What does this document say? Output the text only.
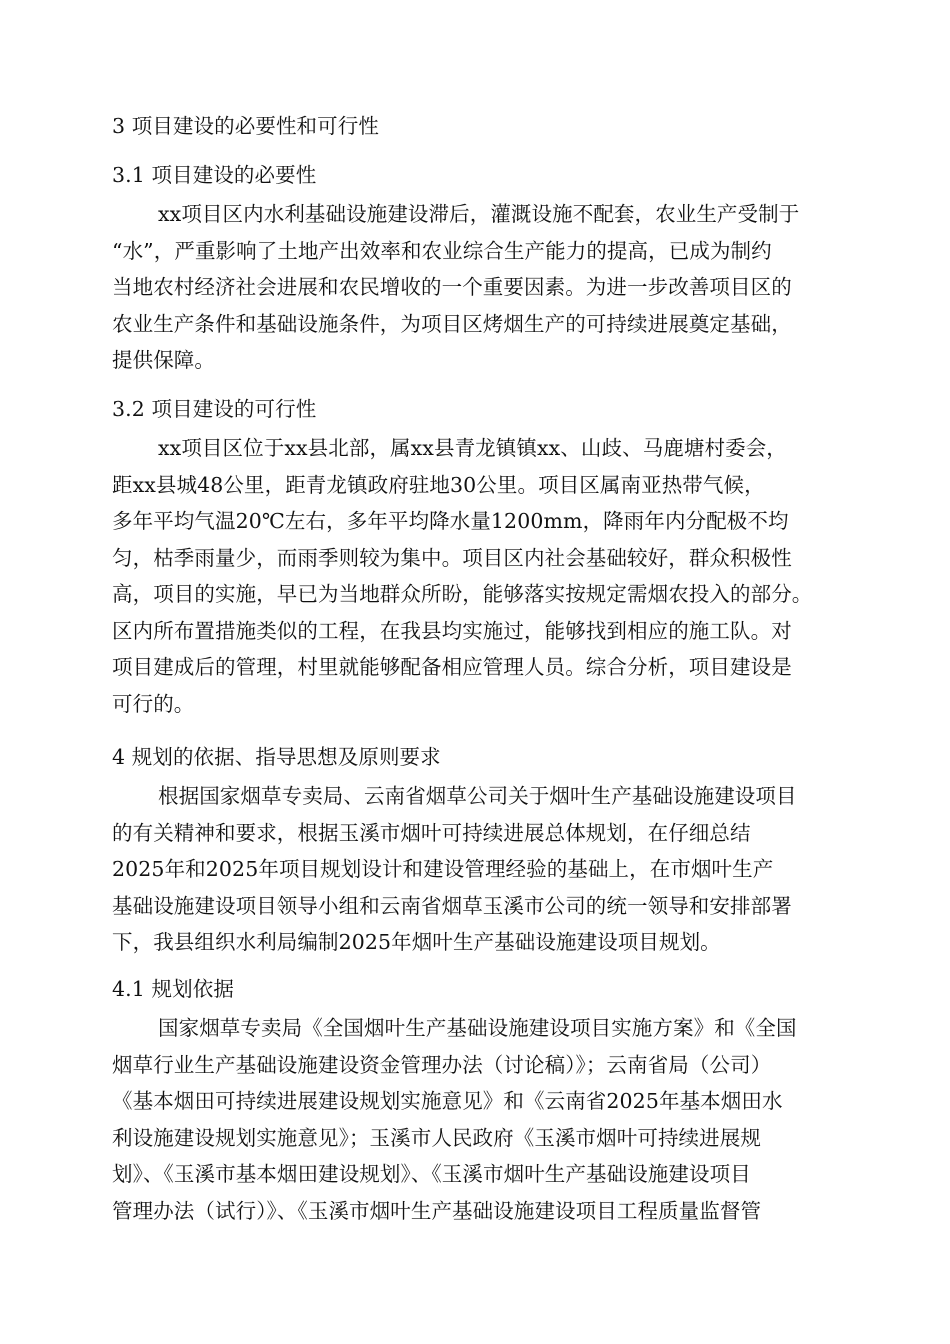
3 项目建设的必要性和可行性
3.1 项目建设的必要性
xx项目区内水利基础设施建设滞后，灌溉设施不配套，农业生产受制于
“水”，严重影响了土地产出效率和农业综合生产能力的提高，已成为制约
当地农村经济社会进展和农民增收的一个重要因素。为进一步改善项目区的
农业生产条件和基础设施条件，为项目区烤烟生产的可持续进展奠定基础，
提供保障。
3.2 项目建设的可行性
xx项目区位于xx县北部，属xx县青龙镇镇xx、山歧、马鹿塘村委会，
距xx县城48公里，距青龙镇政府驻地30公里。项目区属南亚热带气候，
多年平均气温20℃左右，多年平均降水量1200mm，降雨年内分配极不均
匀，枯季雨量少，而雨季则较为集中。项目区内社会基础较好，群众积极性
高，项目的实施，早已为当地群众所盼，能够落实按规定需烟农投入的部分。
区内所布置措施类似的工程，在我县均实施过，能够找到相应的施工队。对
项目建成后的管理，村里就能够配备相应管理人员。综合分析，项目建设是
可行的。
4 规划的依据、指导思想及原则要求
根据国家烟草专卖局、云南省烟草公司关于烟叶生产基础设施建设项目
的有关精神和要求，根据玉溪市烟叶可持续进展总体规划，在仔细总结
2025年和2025年项目规划设计和建设管理经验的基础上，在市烟叶生产
基础设施建设项目领导小组和云南省烟草玉溪市公司的统一领导和安排部署
下，我县组织水利局编制2025年烟叶生产基础设施建设项目规划。
4.1 规划依据
国家烟草专卖局《全国烟叶生产基础设施建设项目实施方案》和《全国
烟草行业生产基础设施建设资金管理办法（讨论稿）》；云南省局（公司）
《基本烟田可持续进展建设规划实施意见》和《云南省2025年基本烟田水
利设施建设规划实施意见》；玉溪市人民政府《玉溪市烟叶可持续进展规
划》、《玉溪市基本烟田建设规划》、《玉溪市烟叶生产基础设施建设项目
管理办法（试行）》、《玉溪市烟叶生产基础设施建设项目工程质量监督管
